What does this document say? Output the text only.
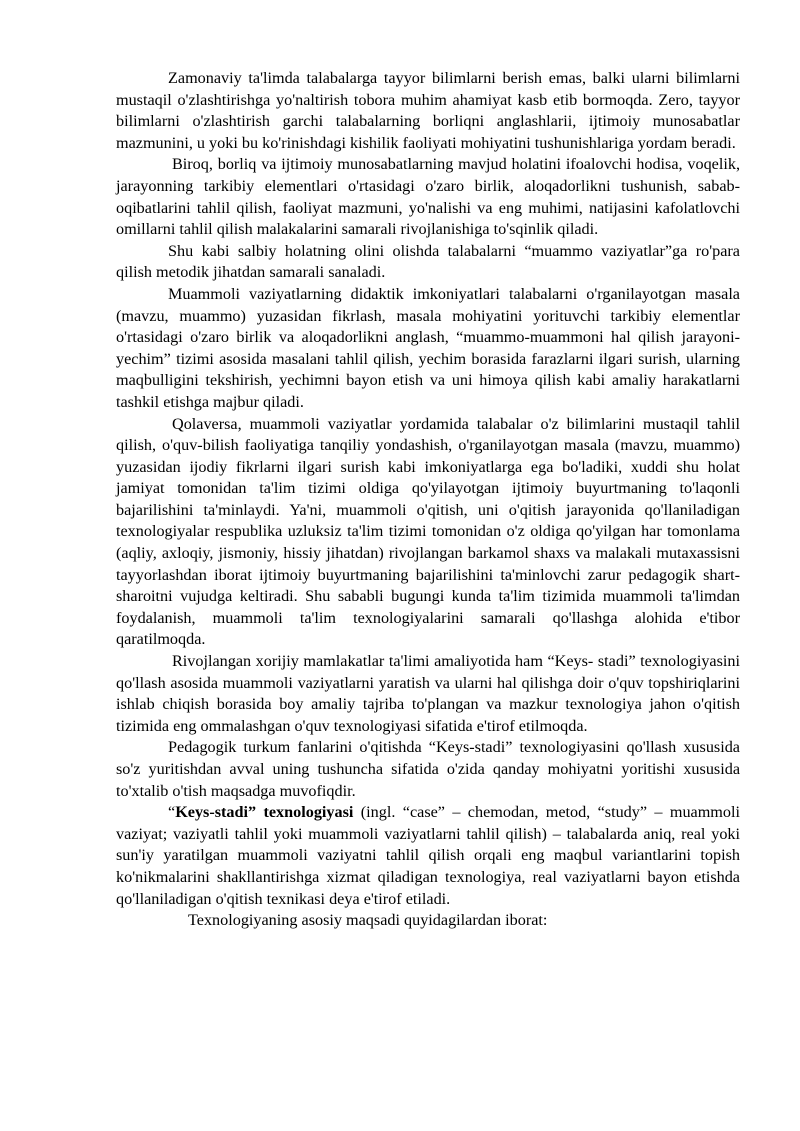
Zamonaviy ta'limda talabalarga tayyor bilimlarni berish emas, balki ularni bilimlarni mustaqil o'zlashtirishga yo'naltirish tobora muhim ahamiyat kasb etib bormoqda. Zero, tayyor bilimlarni o'zlashtirish garchi talabalarning borliqni anglashlarii, ijtimoiy munosabatlar mazmunini, u yoki bu ko'rinishdagi kishilik faoliyati mohiyatini tushunishlariga yordam beradi.

Biroq, borliq va ijtimoiy munosabatlarning mavjud holatini ifoalovchi hodisa, voqelik, jarayonning tarkibiy elementlari o'rtasidagi o'zaro birlik, aloqadorlikni tushunish, sabab-oqibatlarini tahlil qilish, faoliyat mazmuni, yo'nalishi va eng muhimi, natijasini kafolatlovchi omillarni tahlil qilish malakalarini samarali rivojlanishiga to'sqinlik qiladi.

Shu kabi salbiy holatning olini olishda talabalarni “muammo vaziyatlar”ga ro'para qilish metodik jihatdan samarali sanaladi.

Muammoli vaziyatlarning didaktik imkoniyatlari talabalarni o'rganilayotgan masala (mavzu, muammo) yuzasidan fikrlash, masala mohiyatini yorituvchi tarkibiy elementlar o'rtasidagi o'zaro birlik va aloqadorlikni anglash, “muammo-muammoni hal qilish jarayoni-yechim” tizimi asosida masalani tahlil qilish, yechim borasida farazlarni ilgari surish, ularning maqbulligini tekshirish, yechimni bayon etish va uni himoya qilish kabi amaliy harakatlarni tashkil etishga majbur qiladi.

Qolaversa, muammoli vaziyatlar yordamida talabalar o'z bilimlarini mustaqil tahlil qilish, o'quv-bilish faoliyatiga tanqiliy yondashish, o'rganilayotgan masala (mavzu, muammo) yuzasidan ijodiy fikrlarni ilgari surish kabi imkoniyatlarga ega bo'ladiki, xuddi shu holat jamiyat tomonidan ta'lim tizimi oldiga qo'yilayotgan ijtimoiy buyurtmaning to'laqonli bajarilishini ta'minlaydi. Ya'ni, muammoli o'qitish, uni o'qitish jarayonida qo'llaniladigan texnologiyalar respublika uzluksiz ta'lim tizimi tomonidan o'z oldiga qo'yilgan har tomonlama (aqliy, axloqiy, jismoniy, hissiy jihatdan) rivojlangan barkamol shaxs va malakali mutaxassisni tayyorlashdan iborat ijtimoiy buyurtmaning bajarilishini ta'minlovchi zarur pedagogik shart-sharoitni vujudga keltiradi. Shu sababli bugungi kunda ta'lim tizimida muammoli ta'limdan foydalanish, muammoli ta'lim texnologiyalarini samarali qo'llashga alohida e'tibor qaratilmoqda.

Rivojlangan xorijiy mamlakatlar ta'limi amaliyotida ham “Keys- stadi” texnologiyasini qo'llash asosida muammoli vaziyatlarni yaratish va ularni hal qilishga doir o'quv topshiriqlarini ishlab chiqish borasida boy amaliy tajriba to'plangan va mazkur texnologiya jahon o'qitish tizimida eng ommalashgan o'quv texnologiyasi sifatida e'tirof etilmoqda.

Pedagogik turkum fanlarini o'qitishda “Keys-stadi” texnologiyasini qo'llash xususida so'z yuritishdan avval uning tushuncha sifatida o'zida qanday mohiyatni yoritishi xususida to'xtalib o'tish maqsadga muvofiqdir.

“Keys-stadi” texnologiyasi (ingl. “case” – chemodan, metod, “study” – muammoli vaziyat; vaziyatli tahlil yoki muammoli vaziyatlarni tahlil qilish) – talabalarda aniq, real yoki sun'iy yaratilgan muammoli vaziyatni tahlil qilish orqali eng maqbul variantlarini topish ko'nikmalarini shakllantirishga xizmat qiladigan texnologiya, real vaziyatlarni bayon etishda qo'llaniladigan o'qitish texnikasi deya e'tirof etiladi.

Texnologiyaning asosiy maqsadi quyidagilardan iborat:
